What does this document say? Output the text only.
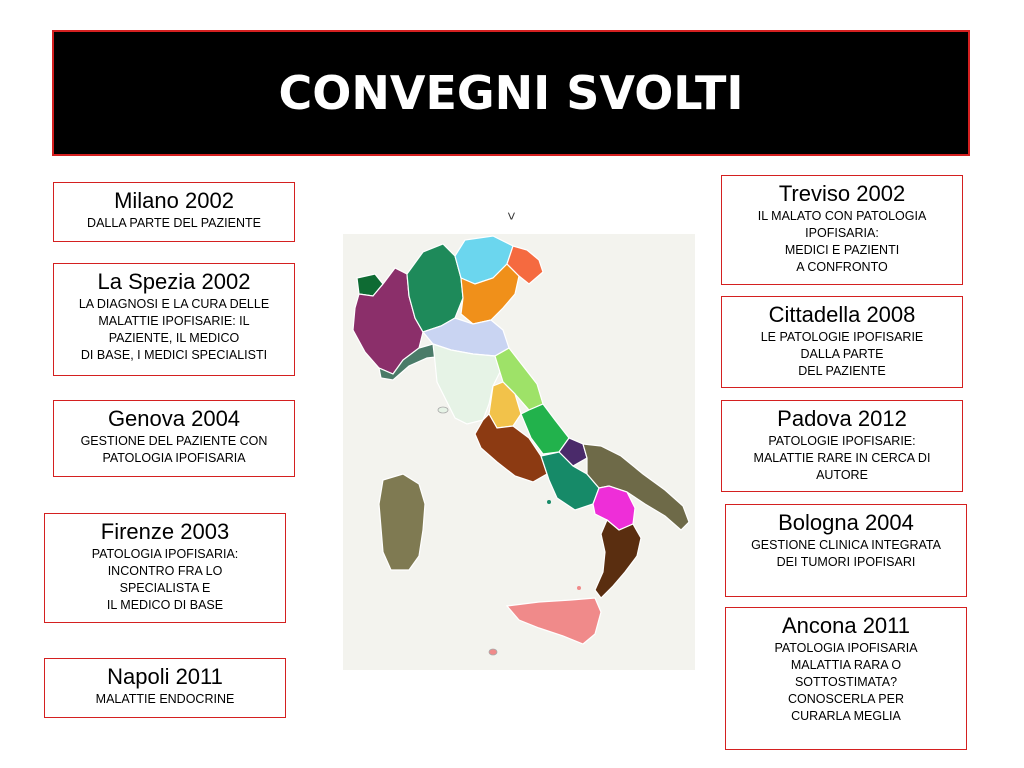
CONVEGNI SVOLTI
Milano 2002
DALLA PARTE DEL PAZIENTE
La Spezia 2002
LA DIAGNOSI E LA CURA DELLE
MALATTIE IPOFISARIE: IL
PAZIENTE, IL MEDICO
DI BASE, I MEDICI SPECIALISTI
Genova 2004
GESTIONE DEL PAZIENTE CON
PATOLOGIA IPOFISARIA
Firenze 2003
PATOLOGIA IPOFISARIA:
INCONTRO FRA LO
SPECIALISTA E
IL MEDICO DI BASE
Napoli 2011
MALATTIE ENDOCRINE
<
Treviso 2002
IL MALATO CON PATOLOGIA
IPOFISARIA:
MEDICI E PAZIENTI
A CONFRONTO
Cittadella 2008
LE PATOLOGIE IPOFISARIE
DALLA PARTE
DEL PAZIENTE
Padova 2012
PATOLOGIE IPOFISARIE:
MALATTIE RARE IN CERCA DI
AUTORE
Bologna 2004
GESTIONE CLINICA INTEGRATA
DEI TUMORI IPOFISARI
Ancona 2011
PATOLOGIA IPOFISARIA
MALATTIA RARA O
SOTTOSTIMATA?
CONOSCERLA PER
CURARLA MEGLIA
